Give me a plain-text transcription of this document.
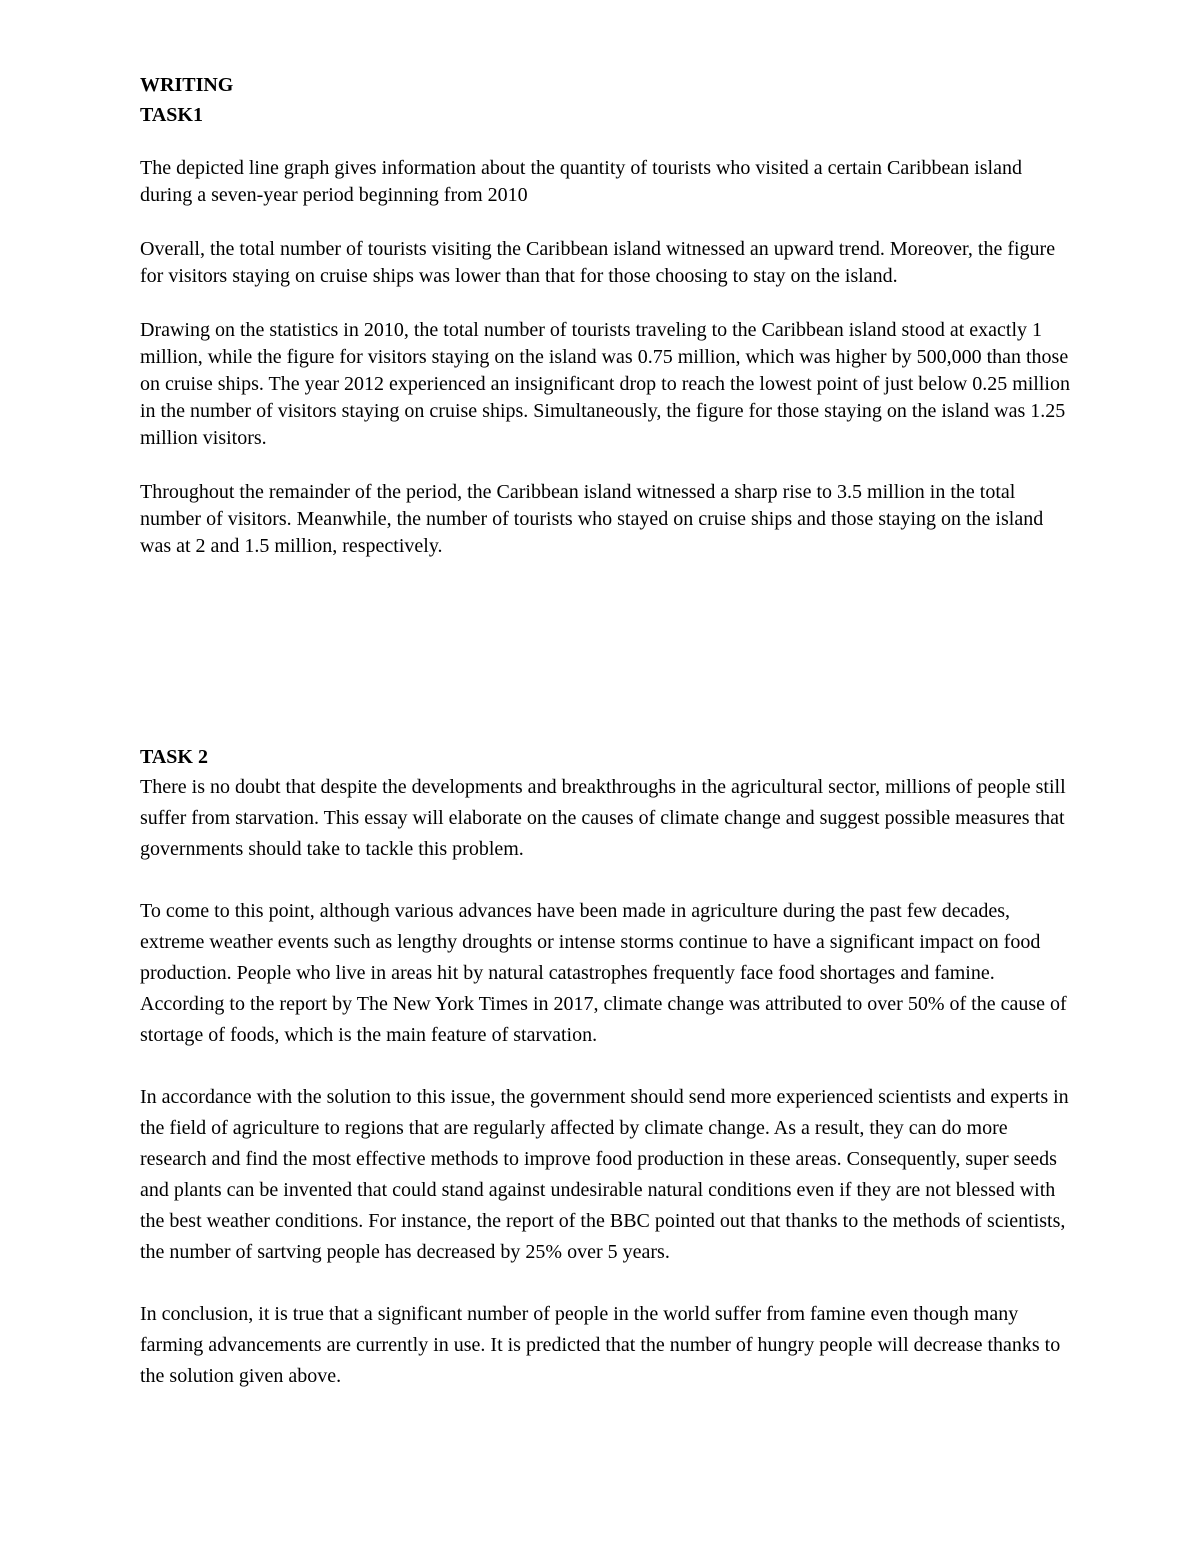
WRITING
TASK1

The depicted line graph gives information about the quantity of tourists who visited a certain Caribbean island during a seven-year period beginning from 2010

Overall, the total number of tourists visiting the Caribbean island witnessed an upward trend. Moreover, the figure for visitors staying on cruise ships was lower than that for those choosing to stay on the island.

Drawing on the statistics in 2010, the total number of tourists traveling to the Caribbean island stood at exactly 1 million, while the figure for visitors staying on the island was 0.75 million, which was higher by 500,000 than those on cruise ships. The year 2012 experienced an insignificant drop to reach the lowest point of just below 0.25 million in the number of visitors staying on cruise ships. Simultaneously, the figure for those staying on the island was 1.25 million visitors.

Throughout the remainder of the period, the Caribbean island witnessed a sharp rise to 3.5 million in the total number of visitors. Meanwhile, the number of tourists who stayed on cruise ships and those staying on the island was at 2 and 1.5 million, respectively.

TASK 2

There is no doubt that despite the developments and breakthroughs in the agricultural sector, millions of people still suffer from starvation. This essay will elaborate on the causes of climate change and suggest possible measures that governments should take to tackle this problem.

To come to this point, although various advances have been made in agriculture during the past few decades, extreme weather events such as lengthy droughts or intense storms continue to have a significant impact on food production. People who live in areas hit by natural catastrophes frequently face food shortages and famine. According to the report by The New York Times in 2017, climate change was attributed to over 50% of the cause of stortage of foods, which is the main feature of starvation.

In accordance with the solution to this issue, the government should send more experienced scientists and experts in the field of agriculture to regions that are regularly affected by climate change. As a result, they can do more research and find the most effective methods to improve food production in these areas. Consequently, super seeds and plants can be invented that could stand against undesirable natural conditions even if they are not blessed with the best weather conditions. For instance, the report of the BBC pointed out that thanks to the methods of scientists, the number of sartving people has decreased by 25% over 5 years.

In conclusion, it is true that a significant number of people in the world suffer from famine even though many farming advancements are currently in use. It is predicted that the number of hungry people will decrease thanks to the solution given above.
